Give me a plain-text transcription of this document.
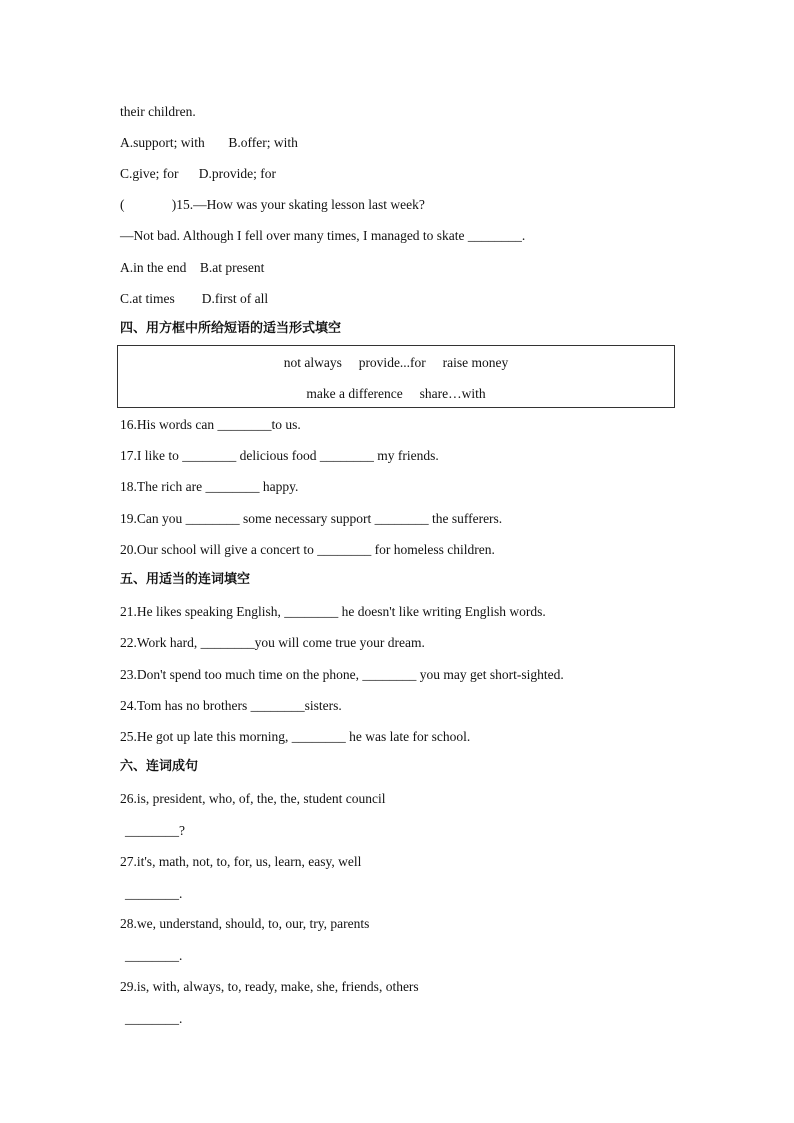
their children.
A.support; with       B.offer; with
C.give; for      D.provide; for
(              )15.—How was your skating lesson last week?
—Not bad. Although I fell over many times, I managed to skate ________.
A.in the end    B.at present
C.at times        D.first of all
四、用方框中所给短语的适当形式填空
not always     provide...for     raise money
make a difference     share…with
16.His words can ________to us.
17.I like to ________ delicious food ________ my friends.
18.The rich are ________ happy.
19.Can you ________ some necessary support ________ the sufferers.
20.Our school will give a concert to ________ for homeless children.
五、用适当的连词填空
21.He likes speaking English, ________ he doesn't like writing English words.
22.Work hard, ________you will come true your dream.
23.Don't spend too much time on the phone, ________ you may get short-sighted.
24.Tom has no brothers ________sisters.
25.He got up late this morning, ________ he was late for school.
六、连词成句
26.is, president, who, of, the, the, student council
________?
27.it's, math, not, to, for, us, learn, easy, well
________.
28.we, understand, should, to, our, try, parents
________.
29.is, with, always, to, ready, make, she, friends, others
________.
